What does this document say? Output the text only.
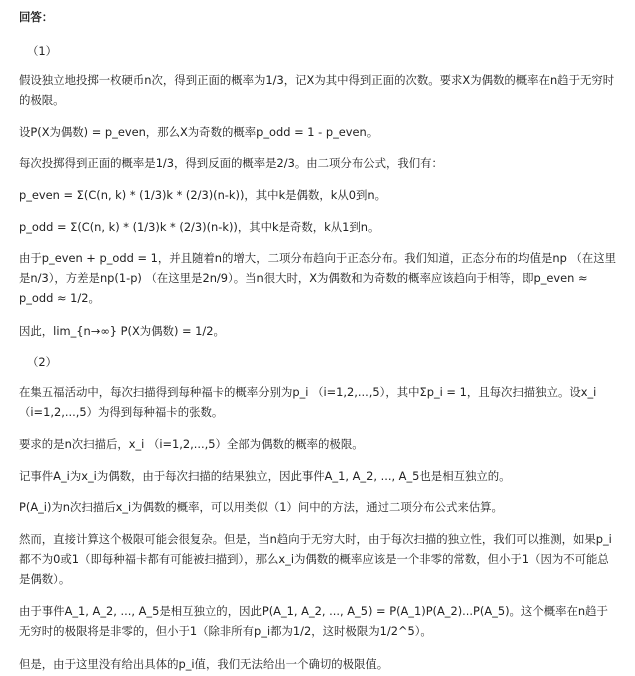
回答：

（1）

假设独立地投掷一枚硬币n次，得到正面的概率为1/3，记X为其中得到正面的次数。要求X为偶数的概率在n趋于无穷时的极限。

设P(X为偶数) = p_even，那么X为奇数的概率p_odd = 1 - p_even。

每次投掷得到正面的概率是1/3，得到反面的概率是2/3。由二项分布公式，我们有：

p_even = Σ(C(n, k) * (1/3)k * (2/3)(n-k))，其中k是偶数，k从0到n。

p_odd = Σ(C(n, k) * (1/3)k * (2/3)(n-k))，其中k是奇数，k从1到n。

由于p_even + p_odd = 1，并且随着n的增大，二项分布趋向于正态分布。我们知道，正态分布的均值是np （在这里是n/3），方差是np(1-p) （在这里是2n/9）。当n很大时，X为偶数和为奇数的概率应该趋向于相等，即p_even ≈ p_odd ≈ 1/2。

因此，lim_{n→∞} P(X为偶数) = 1/2。

（2）

在集五福活动中，每次扫描得到每种福卡的概率分别为p_i （i=1,2,...,5），其中Σp_i = 1，且每次扫描独立。设x_i （i=1,2,...,5）为得到每种福卡的张数。

要求的是n次扫描后，x_i （i=1,2,...,5）全部为偶数的概率的极限。

记事件A_i为x_i为偶数，由于每次扫描的结果独立，因此事件A_1, A_2, ..., A_5也是相互独立的。

P(A_i)为n次扫描后x_i为偶数的概率，可以用类似（1）问中的方法，通过二项分布公式来估算。

然而，直接计算这个极限可能会很复杂。但是，当n趋向于无穷大时，由于每次扫描的独立性，我们可以推测，如果p_i都不为0或1（即每种福卡都有可能被扫描到），那么x_i为偶数的概率应该是一个非零的常数，但小于1（因为不可能总是偶数）。

由于事件A_1, A_2, ..., A_5是相互独立的，因此P(A_1, A_2, ..., A_5) = P(A_1)P(A_2)...P(A_5)。这个概率在n趋于无穷时的极限将是非零的，但小于1（除非所有p_i都为1/2，这时极限为1/2^5）。

但是，由于这里没有给出具体的p_i值，我们无法给出一个确切的极限值。
